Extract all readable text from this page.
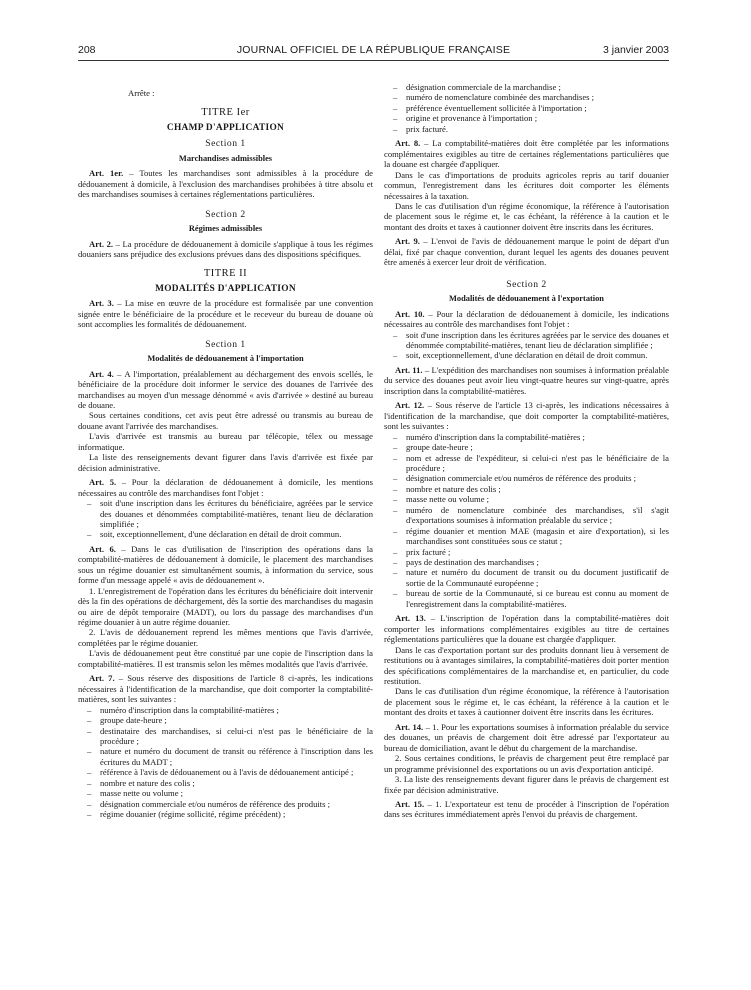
208	JOURNAL OFFICIEL DE LA RÉPUBLIQUE FRANÇAISE	3 janvier 2003

Arrête :

TITRE Ier

CHAMP D'APPLICATION

Section 1

Marchandises admissibles

Art. 1er. – Toutes les marchandises sont admissibles à la procédure de dédouanement à domicile, à l'exclusion des marchandises prohibées à titre absolu et des marchandises soumises à certaines réglementations particulières.

Section 2

Régimes admissibles

Art. 2. – La procédure de dédouanement à domicile s'applique à tous les régimes douaniers sans préjudice des exclusions prévues dans des dispositions spécifiques.

TITRE II

MODALITÉS D'APPLICATION

Art. 3. – La mise en œuvre de la procédure est formalisée par une convention signée entre le bénéficiaire de la procédure et le receveur du bureau de douane où sont accomplies les formalités de dédouanement.

Section 1

Modalités de dédouanement à l'importation

Art. 4. – A l'importation, préalablement au déchargement des envois scellés, le bénéficiaire de la procédure doit informer le service des douanes de l'arrivée des marchandises au moyen d'un message dénommé « avis d'arrivée » destiné au bureau de douane.

Sous certaines conditions, cet avis peut être adressé ou transmis au bureau de douane avant l'arrivée des marchandises.

L'avis d'arrivée est transmis au bureau par télécopie, télex ou message informatique.

La liste des renseignements devant figurer dans l'avis d'arrivée est fixée par décision administrative.

Art. 5. – Pour la déclaration de dédouanement à domicile, les mentions nécessaires au contrôle des marchandises font l'objet :

– soit d'une inscription dans les écritures du bénéficiaire, agréées par le service des douanes et dénommées comptabilité-matières, tenant lieu de déclaration simplifiée ;
– soit, exceptionnellement, d'une déclaration en détail de droit commun.

Art. 6. – Dans le cas d'utilisation de l'inscription des opérations dans la comptabilité-matières de dédouanement à domicile, le placement des marchandises sous un régime douanier est simultanément soumis, à information du service, sous forme d'un message appelé « avis de dédouanement ».

1. L'enregistrement de l'opération dans les écritures du bénéficiaire doit intervenir dès la fin des opérations de déchargement, dès la sortie des marchandises du magasin ou aire de dépôt temporaire (MADT), ou lors du passage des marchandises d'un régime douanier à un autre régime douanier.

2. L'avis de dédouanement reprend les mêmes mentions que l'avis d'arrivée, complétées par le régime douanier.

L'avis de dédouanement peut être constitué par une copie de l'inscription dans la comptabilité-matières. Il est transmis selon les mêmes modalités que l'avis d'arrivée.

Art. 7. – Sous réserve des dispositions de l'article 8 ci-après, les indications nécessaires à l'identification de la marchandise, que doit comporter la comptabilité-matières, sont les suivantes :

– numéro d'inscription dans la comptabilité-matières ;
– groupe date-heure ;
– destinataire des marchandises, si celui-ci n'est pas le bénéficiaire de la procédure ;
– nature et numéro du document de transit ou référence à l'inscription dans les écritures du MADT ;
– référence à l'avis de dédouanement ou à l'avis de dédouanement anticipé ;
– nombre et nature des colis ;
– masse nette ou volume ;
– désignation commerciale et/ou numéros de référence des produits ;
– régime douanier (régime sollicité, régime précédent) ;
– désignation commerciale de la marchandise ;
– numéro de nomenclature combinée des marchandises ;
– préférence éventuellement sollicitée à l'importation ;
– origine et provenance à l'importation ;
– prix facturé.

Art. 8. – La comptabilité-matières doit être complétée par les informations complémentaires exigibles au titre de certaines réglementations particulières que la douane est chargée d'appliquer.

Dans le cas d'importations de produits agricoles repris au tarif douanier commun, l'enregistrement dans les écritures doit comporter les éléments nécessaires à la taxation.

Dans le cas d'utilisation d'un régime économique, la référence à l'autorisation de placement sous le régime et, le cas échéant, la référence à la caution et le montant des droits et taxes à cautionner doivent être inscrits dans les écritures.

Art. 9. – L'envoi de l'avis de dédouanement marque le point de départ d'un délai, fixé par chaque convention, durant lequel les agents des douanes peuvent être amenés à exercer leur droit de vérification.

Section 2

Modalités de dédouanement à l'exportation

Art. 10. – Pour la déclaration de dédouanement à domicile, les indications nécessaires au contrôle des marchandises font l'objet :

– soit d'une inscription dans les écritures agréées par le service des douanes et dénommée comptabilité-matières, tenant lieu de déclaration simplifiée ;
– soit, exceptionnellement, d'une déclaration en détail de droit commun.

Art. 11. – L'expédition des marchandises non soumises à information préalable du service des douanes peut avoir lieu vingt-quatre heures sur vingt-quatre, après inscription dans la comptabilité-matières.

Art. 12. – Sous réserve de l'article 13 ci-après, les indications nécessaires à l'identification de la marchandise, que doit comporter la comptabilité-matières, sont les suivantes :

– numéro d'inscription dans la comptabilité-matières ;
– groupe date-heure ;
– nom et adresse de l'expéditeur, si celui-ci n'est pas le bénéficiaire de la procédure ;
– désignation commerciale et/ou numéros de référence des produits ;
– nombre et nature des colis ;
– masse nette ou volume ;
– numéro de nomenclature combinée des marchandises, s'il s'agit d'exportations soumises à information préalable du service ;
– régime douanier et mention MAE (magasin et aire d'exportation), si les marchandises sont constituées sous ce statut ;
– prix facturé ;
– pays de destination des marchandises ;
– nature et numéro du document de transit ou du document justificatif de sortie de la Communauté européenne ;
– bureau de sortie de la Communauté, si ce bureau est connu au moment de l'enregistrement dans la comptabilité-matières.

Art. 13. – L'inscription de l'opération dans la comptabilité-matières doit comporter les informations complémentaires exigibles au titre de certaines réglementations particulières que la douane est chargée d'appliquer.

Dans le cas d'exportation portant sur des produits donnant lieu à versement de restitutions ou à avantages similaires, la comptabilité-matières doit porter mention des spécifications complémentaires de la marchandise et, en particulier, du code restitution.

Dans le cas d'utilisation d'un régime économique, la référence à l'autorisation de placement sous le régime et, le cas échéant, la référence à la caution et le montant des droits et taxes à cautionner doivent être inscrits dans les écritures.

Art. 14. – 1. Pour les exportations soumises à information préalable du service des douanes, un préavis de chargement doit être adressé par l'exportateur au bureau de domiciliation, avant le début du chargement de la marchandise.

2. Sous certaines conditions, le préavis de chargement peut être remplacé par un programme prévisionnel des exportations ou un avis d'exportation anticipé.

3. La liste des renseignements devant figurer dans le préavis de chargement est fixée par décision administrative.

Art. 15. – 1. L'exportateur est tenu de procéder à l'inscription de l'opération dans ses écritures immédiatement après l'envoi du préavis de chargement.
